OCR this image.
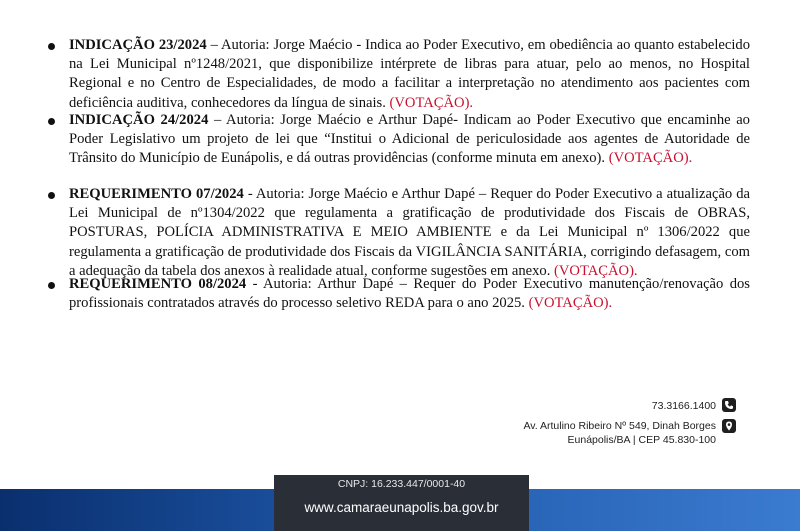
INDICAÇÃO 23/2024 – Autoria: Jorge Maécio - Indica ao Poder Executivo, em obediência ao quanto estabelecido na Lei Municipal nº1248/2021, que disponibilize intérprete de libras para atuar, pelo ao menos, no Hospital Regional e no Centro de Especialidades, de modo a facilitar a interpretação no atendimento aos pacientes com deficiência auditiva, conhecedores da língua de sinais. (VOTAÇÃO).
INDICAÇÃO 24/2024 – Autoria: Jorge Maécio e Arthur Dapé- Indicam ao Poder Executivo que encaminhe ao Poder Legislativo um projeto de lei que “Institui o Adicional de periculosidade aos agentes de Autoridade de Trânsito do Município de Eunápolis, e dá outras providências (conforme minuta em anexo). (VOTAÇÃO).
REQUERIMENTO 07/2024 - Autoria: Jorge Maécio e Arthur Dapé – Requer do Poder Executivo a atualização da Lei Municipal de nº1304/2022 que regulamenta a gratificação de produtividade dos Fiscais de OBRAS, POSTURAS, POLÍCIA ADMINISTRATIVA E MEIO AMBIENTE e da Lei Municipal nº 1306/2022 que regulamenta a gratificação de produtividade dos Fiscais da VIGILÂNCIA SANITÁRIA, corrigindo defasagem, com a adequação da tabela dos anexos à realidade atual, conforme sugestões em anexo. (VOTAÇÃO).
REQUERIMENTO 08/2024 - Autoria: Arthur Dapé – Requer do Poder Executivo manutenção/renovação dos profissionais contratados através do processo seletivo REDA para o ano 2025. (VOTAÇÃO).
73.3166.1400
Av. Artulino Ribeiro Nº 549, Dinah Borges
Eunápolis/BA | CEP 45.830-100
CNPJ: 16.233.447/0001-40
www.camaraeunapolis.ba.gov.br
